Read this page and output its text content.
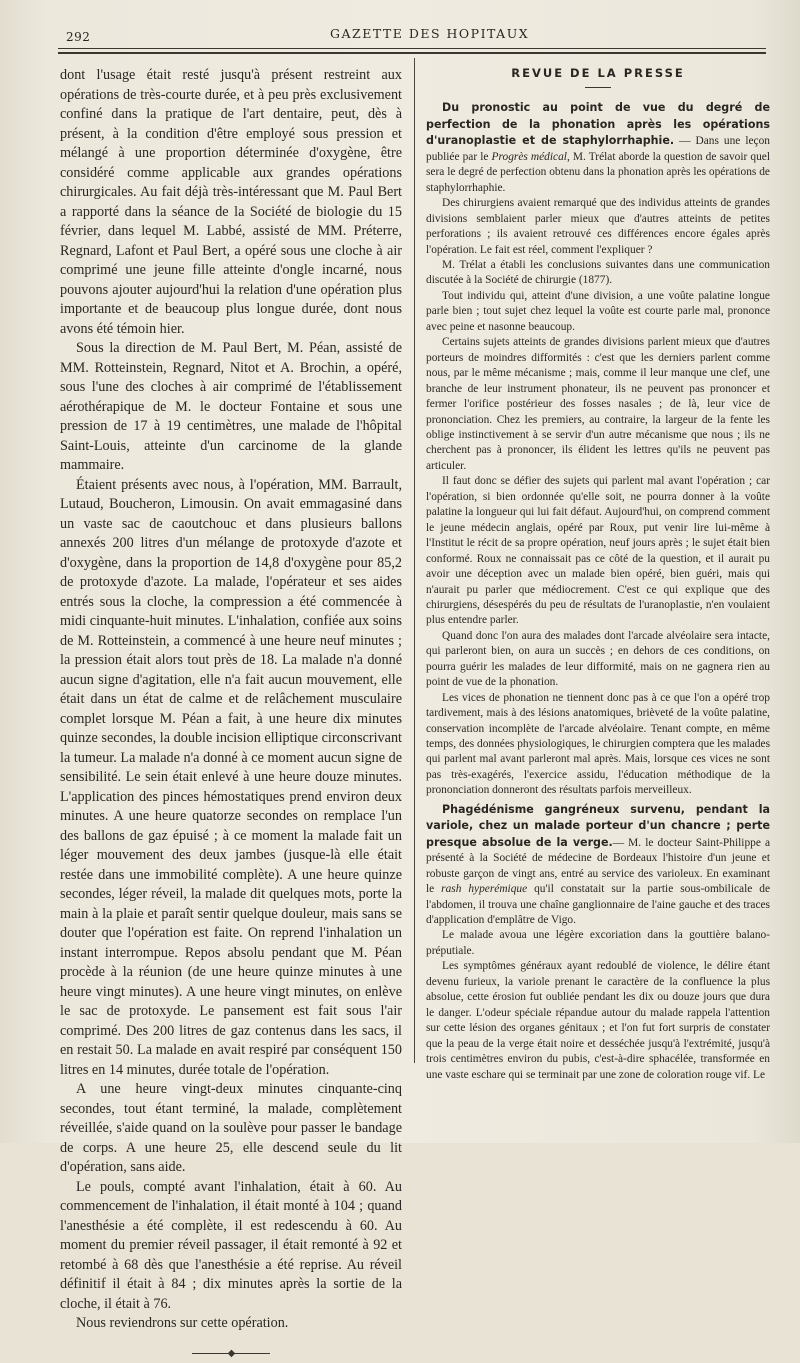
292	GAZETTE DES HOPITAUX

dont l'usage était resté jusqu'à présent restreint aux opérations de très-courte durée, et à peu près exclusivement confiné dans la pratique de l'art dentaire, peut, dès à présent, à la condition d'être employé sous pression et mélangé à une proportion déterminée d'oxygène, être considéré comme applicable aux grandes opérations chirurgicales. Au fait déjà très-intéressant que M. Paul Bert a rapporté dans la séance de la Société de biologie du 15 février, dans lequel M. Labbé, assisté de MM. Préterre, Regnard, Lafont et Paul Bert, a opéré sous une cloche à air comprimé une jeune fille atteinte d'ongle incarné, nous pouvons ajouter aujourd'hui la relation d'une opération plus importante et de beaucoup plus longue durée, dont nous avons été témoin hier.

Sous la direction de M. Paul Bert, M. Péan, assisté de MM. Rotteinstein, Regnard, Nitot et A. Brochin, a opéré, sous l'une des cloches à air comprimé de l'établissement aérothérapique de M. le docteur Fontaine et sous une pression de 17 à 19 centimètres, une malade de l'hôpital Saint-Louis, atteinte d'un carcinome de la glande mammaire.

Étaient présents avec nous, à l'opération, MM. Barrault, Lutaud, Boucheron, Limousin. On avait emmagasiné dans un vaste sac de caoutchouc et dans plusieurs ballons annexés 200 litres d'un mélange de protoxyde d'azote et d'oxygène, dans la proportion de 14,8 d'oxygène pour 85,2 de protoxyde d'azote. La malade, l'opérateur et ses aides entrés sous la cloche, la compression a été commencée à midi cinquante-huit minutes. L'inhalation, confiée aux soins de M. Rotteinstein, a commencé à une heure neuf minutes ; la pression était alors tout près de 18. La malade n'a donné aucun signe d'agitation, elle n'a fait aucun mouvement, elle était dans un état de calme et de relâchement musculaire complet lorsque M. Péan a fait, à une heure dix minutes quinze secondes, la double incision elliptique circonscrivant la tumeur. La malade n'a donné à ce moment aucun signe de sensibilité. Le sein était enlevé à une heure douze minutes. L'application des pinces hémostatiques prend environ deux minutes. A une heure quatorze secondes on remplace l'un des ballons de gaz épuisé ; à ce moment la malade fait un léger mouvement des deux jambes (jusque-là elle était restée dans une immobilité complète). A une heure quinze secondes, léger réveil, la malade dit quelques mots, porte la main à la plaie et paraît sentir quelque douleur, mais sans se douter que l'opération est faite. On reprend l'inhalation un instant interrompue. Repos absolu pendant que M. Péan procède à la réunion (de une heure quinze minutes à une heure vingt minutes). A une heure vingt minutes, on enlève le sac de protoxyde. Le pansement est fait sous l'air comprimé. Des 200 litres de gaz contenus dans les sacs, il en restait 50. La malade en avait respiré par conséquent 150 litres en 14 minutes, durée totale de l'opération.

A une heure vingt-deux minutes cinquante-cinq secondes, tout étant terminé, la malade, complètement réveillée, s'aide quand on la soulève pour passer le bandage de corps. A une heure 25, elle descend seule du lit d'opération, sans aide.

Le pouls, compté avant l'inhalation, était à 60. Au commencement de l'inhalation, il était monté à 104 ; quand l'anesthésie a été complète, il est redescendu à 60. Au moment du premier réveil passager, il était remonté à 92 et retombé à 68 dès que l'anesthésie a été reprise. Au réveil définitif il était à 84 ; dix minutes après la sortie de la cloche, il était à 76.

Nous reviendrons sur cette opération.

◆
REVUE DE LA PRESSE

Du pronostic au point de vue du degré de perfection de la phonation après les opérations d'uranoplastie et de staphylorrhaphie. — Dans une leçon publiée par le Progrès médical, M. Trélat aborde la question de savoir quel sera le degré de perfection obtenu dans la phonation après les opérations de staphylorrhaphie.

Des chirurgiens avaient remarqué que des individus atteints de grandes divisions semblaient parler mieux que d'autres atteints de petites perforations ; ils avaient retrouvé ces différences encore égales après l'opération. Le fait est réel, comment l'expliquer ?

M. Trélat a établi les conclusions suivantes dans une communication discutée à la Société de chirurgie (1877).

Tout individu qui, atteint d'une division, a une voûte palatine longue parle bien ; tout sujet chez lequel la voûte est courte parle mal, prononce avec peine et nasonne beaucoup.

Certains sujets atteints de grandes divisions parlent mieux que d'autres porteurs de moindres difformités : c'est que les derniers parlent comme nous, par le même mécanisme ; mais, comme il leur manque une clef, une branche de leur instrument phonateur, ils ne peuvent pas prononcer et fermer l'orifice postérieur des fosses nasales ; de là, leur vice de prononciation. Chez les premiers, au contraire, la largeur de la fente les oblige instinctivement à se servir d'un autre mécanisme que nous ; ils ne cherchent pas à prononcer, ils élident les lettres qu'ils ne peuvent pas articuler.

Il faut donc se défier des sujets qui parlent mal avant l'opération ; car l'opération, si bien ordonnée qu'elle soit, ne pourra donner à la voûte palatine la longueur qui lui fait défaut. Aujourd'hui, on comprend comment le jeune médecin anglais, opéré par Roux, put venir lire lui-même à l'Institut le récit de sa propre opération, neuf jours après ; le sujet était bien conformé. Roux ne connaissait pas ce côté de la question, et il aurait pu avoir une déception avec un malade bien opéré, bien guéri, mais qui n'aurait pu parler que médiocrement. C'est ce qui explique que des chirurgiens, désespérés du peu de résultats de l'uranoplastie, n'en voulaient plus entendre parler.

Quand donc l'on aura des malades dont l'arcade alvéolaire sera intacte, qui parleront bien, on aura un succès ; en dehors de ces conditions, on pourra guérir les malades de leur difformité, mais on ne gagnera rien au point de vue de la phonation.

Les vices de phonation ne tiennent donc pas à ce que l'on a opéré trop tardivement, mais à des lésions anatomiques, brièveté de la voûte palatine, conservation incomplète de l'arcade alvéolaire. Tenant compte, en même temps, des données physiologiques, le chirurgien comptera que les malades qui parlent mal avant parleront mal après. Mais, lorsque ces vices ne sont pas très-exagérés, l'exercice assidu, l'éducation méthodique de la prononciation donneront des résultats parfois merveilleux.

Phagédénisme gangréneux survenu, pendant la variole, chez un malade porteur d'un chancre ; perte presque absolue de la verge.— M. le docteur Saint-Philippe a présenté à la Société de médecine de Bordeaux l'histoire d'un jeune et robuste garçon de vingt ans, entré au service des varioleux. En examinant le rash hyperémique qu'il constatait sur la partie sous-ombilicale de l'abdomen, il trouva une chaîne ganglionnaire de l'aine gauche et des traces d'application d'emplâtre de Vigo.

Le malade avoua une légère excoriation dans la gouttière balano-préputiale.

Les symptômes généraux ayant redoublé de violence, le délire étant devenu furieux, la variole prenant le caractère de la confluence la plus absolue, cette érosion fut oubliée pendant les dix ou douze jours que dura le danger. L'odeur spéciale répandue autour du malade rappela l'attention sur cette lésion des organes génitaux ; et l'on fut fort surpris de constater que la peau de la verge était noire et desséchée jusqu'à l'extrémité, jusqu'à trois centimètres environ du pubis, c'est-à-dire sphacélée, transformée en une vaste eschare qui se terminait par une zone de coloration rouge vif. Le
